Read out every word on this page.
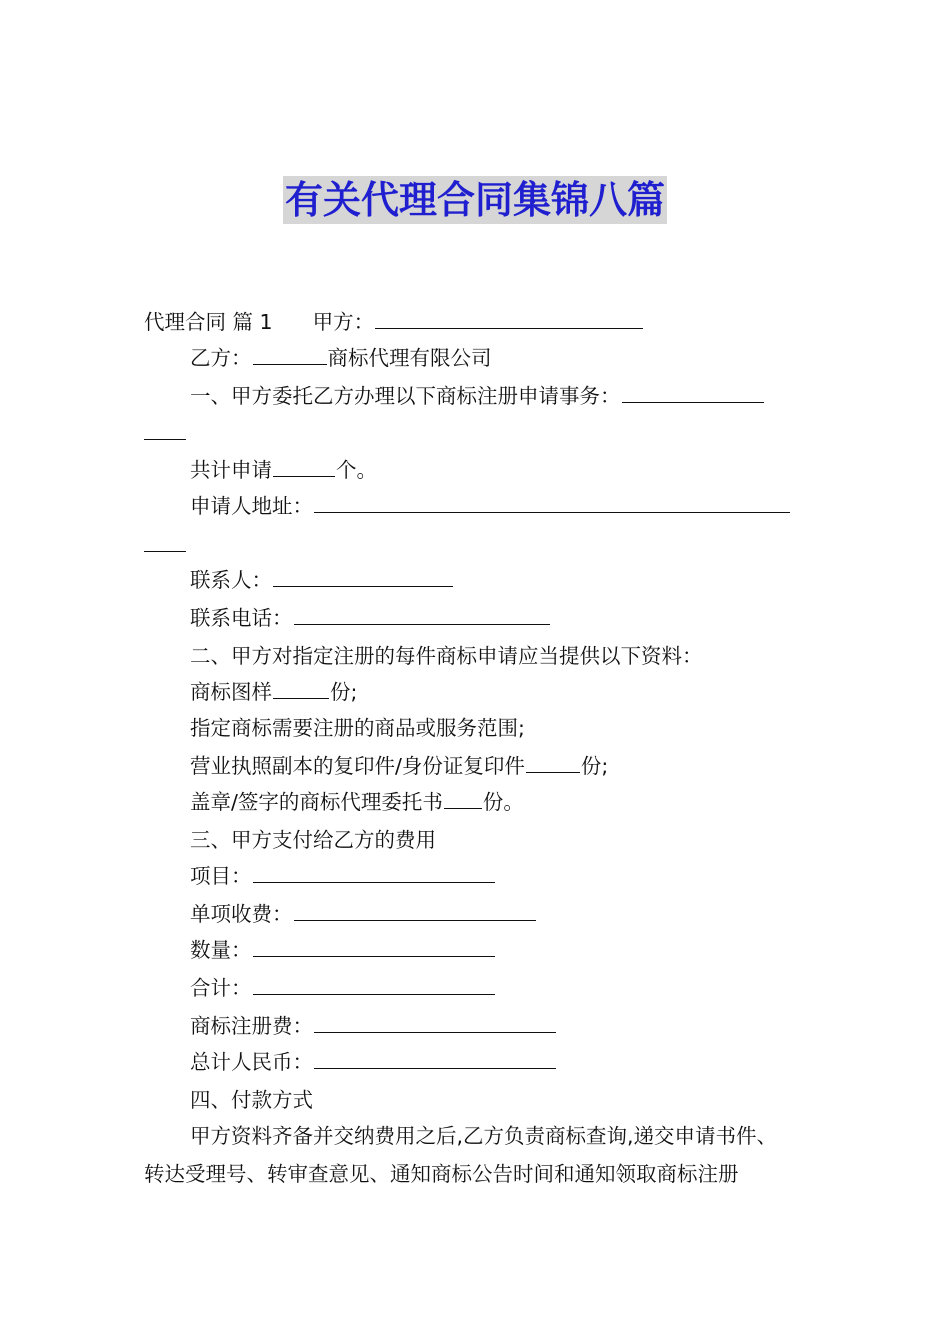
有关代理合同集锦八篇
代理合同 篇 1 甲方：
乙方：	商标代理有限公司
一、甲方委托乙方办理以下商标注册申请事务：
共计申请	个。
申请人地址：
联系人：
联系电话：
二、甲方对指定注册的每件商标申请应当提供以下资料：
商标图样	份;
指定商标需要注册的商品或服务范围;
营业执照副本的复印件/身份证复印件	份;
盖章/签字的商标代理委托书 份。
三、甲方支付给乙方的费用
项目：
单项收费：
数量：
合计：
商标注册费：
总计人民币：
四、付款方式
甲方资料齐备并交纳费用之后,乙方负责商标查询,递交申请书件、
转达受理号、转审查意见、通知商标公告时间和通知领取商标注册
